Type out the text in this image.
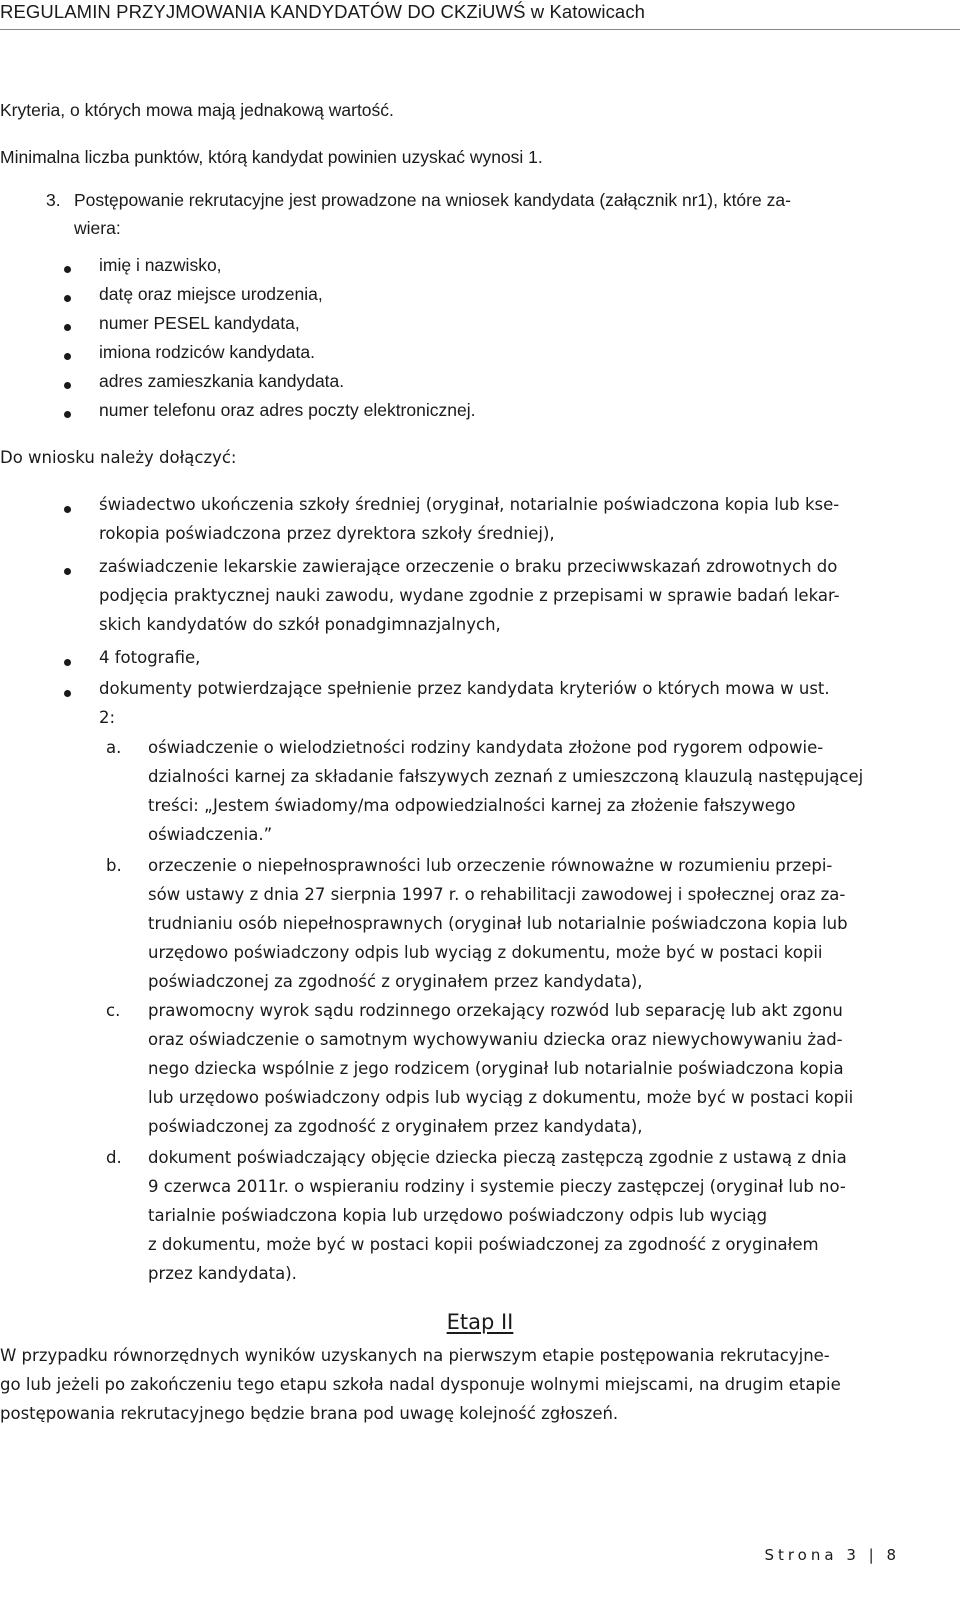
REGULAMIN PRZYJMOWANIA KANDYDATÓW DO CKZiUWŚ w Katowicach
Kryteria, o których mowa mają jednakową wartość.
Minimalna liczba punktów, którą kandydat powinien uzyskać wynosi 1.
3. Postępowanie rekrutacyjne jest prowadzone na wniosek kandydata (załącznik nr1), które za-
wiera:
imię i nazwisko,
datę oraz miejsce urodzenia,
numer PESEL kandydata,
imiona rodziców kandydata.
adres zamieszkania kandydata.
numer telefonu oraz adres poczty elektronicznej.
Do wniosku należy dołączyć:
świadectwo ukończenia szkoły średniej (oryginał, notarialnie poświadczona kopia lub kse-
rokopia poświadczona przez dyrektora szkoły średniej),
zaświadczenie lekarskie zawierające orzeczenie o braku przeciwwskazań zdrowotnych do
podjęcia praktycznej nauki zawodu, wydane zgodnie z przepisami w sprawie badań lekar-
skich kandydatów do szkół ponadgimnazjalnych,
4 fotografie,
dokumenty potwierdzające spełnienie przez kandydata kryteriów o których mowa w ust.
2:
a. oświadczenie o wielodzietności rodziny kandydata złożone pod rygorem odpowie-
dzialności karnej za składanie fałszywych zeznań z umieszczoną klauzulą następującej
treści: „Jestem świadomy/ma odpowiedzialności karnej za złożenie fałszywego
oświadczenia.”
b. orzeczenie o niepełnosprawności lub orzeczenie równoważne w rozumieniu przepi-
sów ustawy z dnia 27 sierpnia 1997 r. o rehabilitacji zawodowej i społecznej oraz za-
trudnianiu osób niepełnosprawnych (oryginał lub notarialnie poświadczona kopia lub
urzędowo poświadczony odpis lub wyciąg z dokumentu, może być w postaci kopii
poświadczonej za zgodność z oryginałem przez kandydata),
c. prawomocny wyrok sądu rodzinnego orzekający rozwód lub separację lub akt zgonu
oraz oświadczenie o samotnym wychowywaniu dziecka oraz niewychowywaniu żad-
nego dziecka wspólnie z jego rodzicem (oryginał lub notarialnie poświadczona kopia
lub urzędowo poświadczony odpis lub wyciąg z dokumentu, może być w postaci kopii
poświadczonej za zgodność z oryginałem przez kandydata),
d. dokument poświadczający objęcie dziecka pieczą zastępczą zgodnie z ustawą z dnia
9 czerwca 2011r. o wspieraniu rodziny i systemie pieczy zastępczej (oryginał lub no-
tarialnie poświadczona kopia lub urzędowo poświadczony odpis lub wyciąg
z dokumentu, może być w postaci kopii poświadczonej za zgodność z oryginałem
przez kandydata).
Etap II
W przypadku równorzędnych wyników uzyskanych na pierwszym etapie postępowania rekrutacyjne-
go lub jeżeli po zakończeniu tego etapu szkoła nadal dysponuje wolnymi miejscami, na drugim etapie
postępowania rekrutacyjnego będzie brana pod uwagę kolejność zgłoszeń.
Strona 3 | 8
